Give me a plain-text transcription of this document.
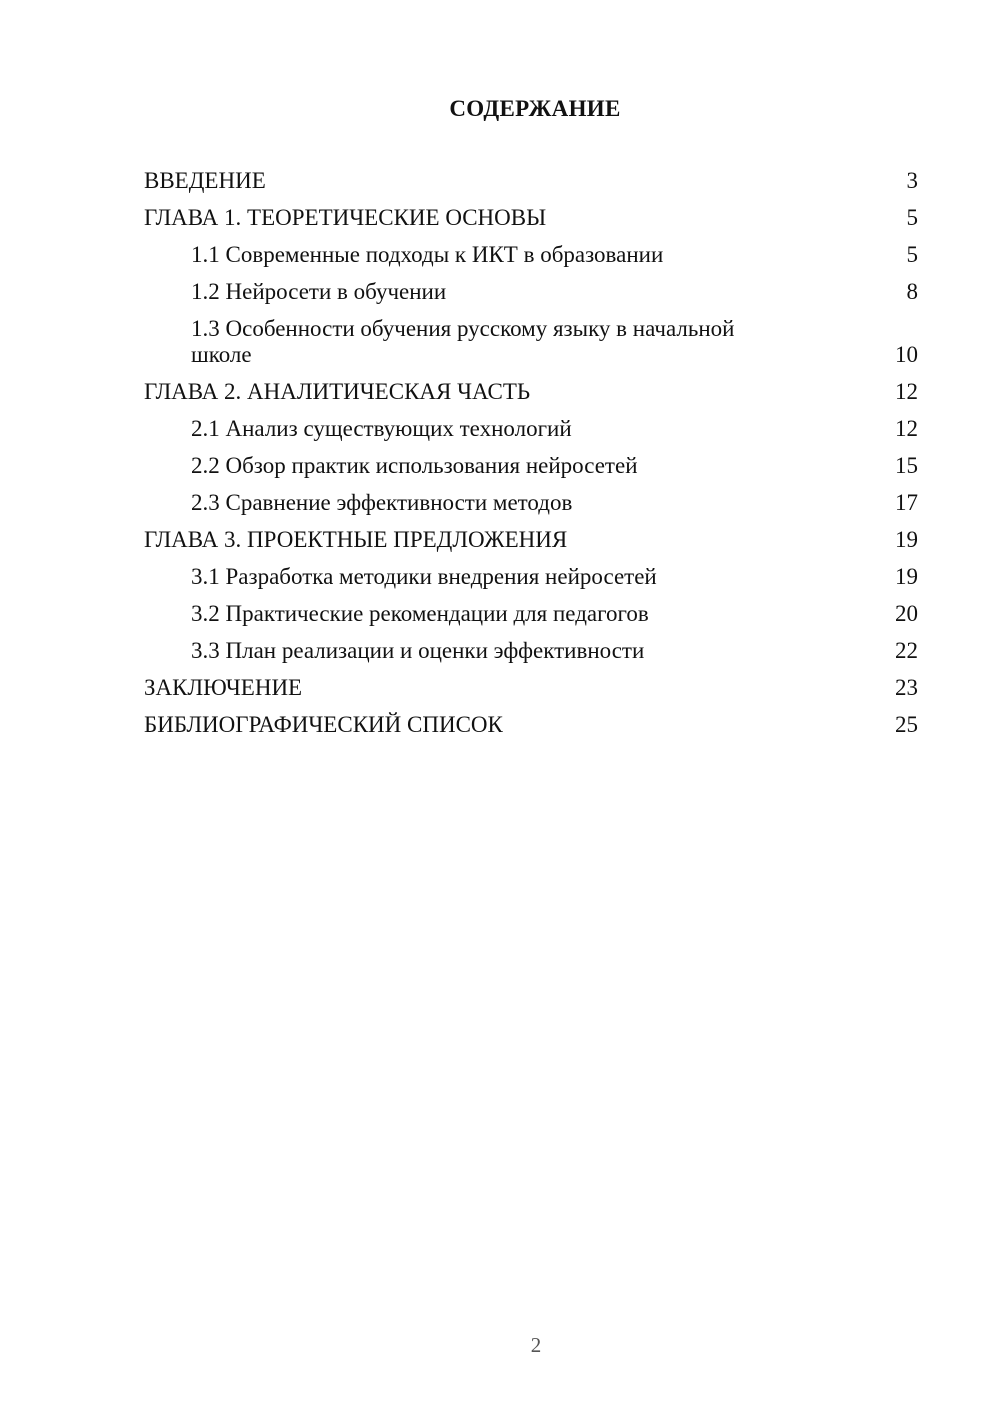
СОДЕРЖАНИЕ
ВВЕДЕНИЕ	3
ГЛАВА 1. ТЕОРЕТИЧЕСКИЕ ОСНОВЫ	5
1.1 Современные подходы к ИКТ в образовании	5
1.2 Нейросети в обучении	8
1.3 Особенности обучения русскому языку в начальной школе	10
ГЛАВА 2. АНАЛИТИЧЕСКАЯ ЧАСТЬ	12
2.1 Анализ существующих технологий	12
2.2 Обзор практик использования нейросетей	15
2.3 Сравнение эффективности методов	17
ГЛАВА 3. ПРОЕКТНЫЕ ПРЕДЛОЖЕНИЯ	19
3.1 Разработка методики внедрения нейросетей	19
3.2 Практические рекомендации для педагогов	20
3.3 План реализации и оценки эффективности	22
ЗАКЛЮЧЕНИЕ	23
БИБЛИОГРАФИЧЕСКИЙ СПИСОК	25
2
